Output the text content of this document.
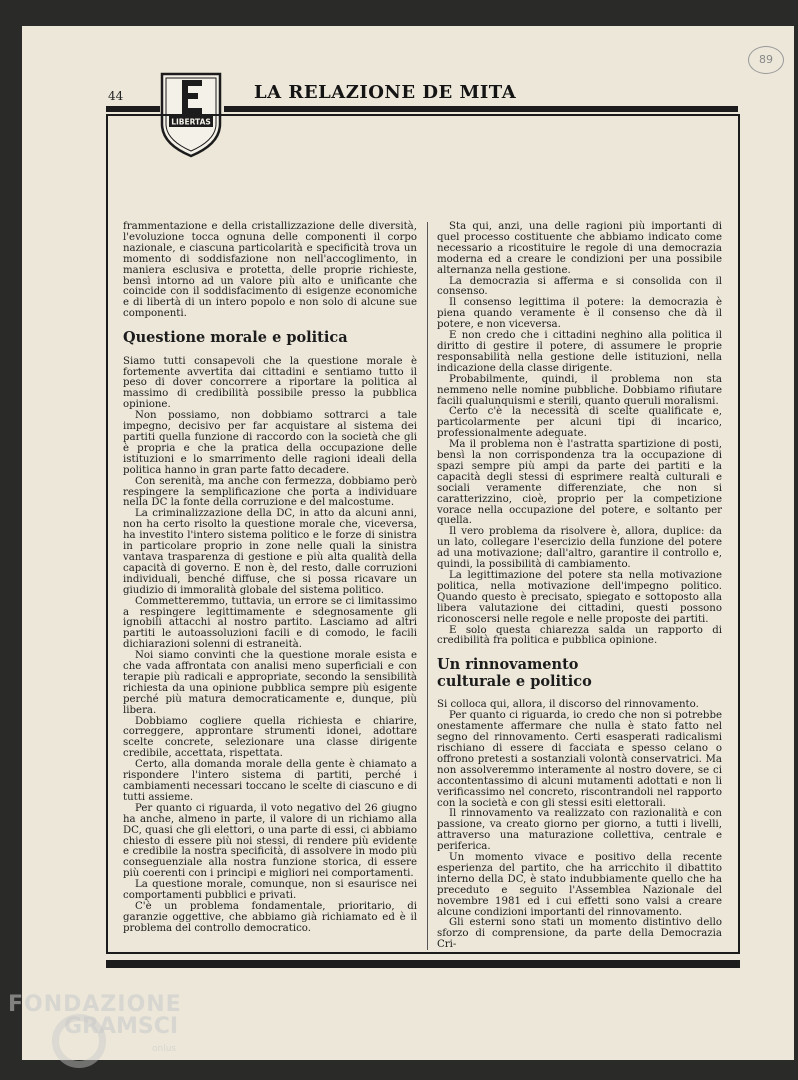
89
44
LIBERTAS
LA RELAZIONE DE MITA

frammentazione e della cristallizzazione delle diversità, l'evoluzione tocca ognuna delle componenti il corpo nazionale, e ciascuna particolarità e specificità trova un momento di soddisfazione non nell'accoglimento, in maniera esclusiva e protetta, delle proprie richieste, bensì intorno ad un valore più alto e unificante che coincide con il soddisfacimento di esigenze economiche e di libertà di un intero popolo e non solo di alcune sue componenti.

Questione morale e politica

Siamo tutti consapevoli che la questione morale è fortemente avvertita dai cittadini e sentiamo tutto il peso di dover concorrere a riportare la politica al massimo di credibilità possibile presso la pubblica opinione.

Non possiamo, non dobbiamo sottrarci a tale impegno, decisivo per far acquistare al sistema dei partiti quella funzione di raccordo con la società che gli è propria e che la pratica della occupazione delle istituzioni e lo smarrimento delle ragioni ideali della politica hanno in gran parte fatto decadere.

Con serenità, ma anche con fermezza, dobbiamo però respingere la semplificazione che porta a individuare nella DC la fonte della corruzione e del malcostume.

La criminalizzazione della DC, in atto da alcuni anni, non ha certo risolto la questione morale che, viceversa, ha investito l'intero sistema politico e le forze di sinistra in particolare proprio in zone nelle quali la sinistra vantava trasparenza di gestione e più alta qualità della capacità di governo. E non è, del resto, dalle corruzioni individuali, benché diffuse, che si possa ricavare un giudizio di immoralità globale del sistema politico.

Commetteremmo, tuttavia, un errore se ci limitassimo a respingere legittimamente e sdegnosamente gli ignobili attacchi al nostro partito. Lasciamo ad altri partiti le autoassoluzioni facili e di comodo, le facili dichiarazioni solenni di estraneità.

Noi siamo convinti che la questione morale esista e che vada affrontata con analisi meno superficiali e con terapie più radicali e appropriate, secondo la sensibilità richiesta da una opinione pubblica sempre più esigente perché più matura democraticamente e, dunque, più libera.

Dobbiamo cogliere quella richiesta e chiarire, correggere, approntare strumenti idonei, adottare scelte concrete, selezionare una classe dirigente credibile, accettata, rispettata.

Certo, alla domanda morale della gente è chiamato a rispondere l'intero sistema di partiti, perché i cambiamenti necessari toccano le scelte di ciascuno e di tutti assieme.

Per quanto ci riguarda, il voto negativo del 26 giugno ha anche, almeno in parte, il valore di un richiamo alla DC, quasi che gli elettori, o una parte di essi, ci abbiamo chiesto di essere più noi stessi, di rendere più evidente e credibile la nostra specificità, di assolvere in modo più conseguenziale alla nostra funzione storica, di essere più coerenti con i principi e migliori nei comportamenti.

La questione morale, comunque, non si esaurisce nei comportamenti pubblici e privati.

C'è un problema fondamentale, prioritario, di garanzie oggettive, che abbiamo già richiamato ed è il problema del controllo democratico.

Sta qui, anzi, una delle ragioni più importanti di quel processo costituente che abbiamo indicato come necessario a ricostituire le regole di una democrazia moderna ed a creare le condizioni per una possibile alternanza nella gestione.

La democrazia si afferma e si consolida con il consenso.

Il consenso legittima il potere: la democrazia è piena quando veramente è il consenso che dà il potere, e non viceversa.

E non credo che i cittadini neghino alla politica il diritto di gestire il potere, di assumere le proprie responsabilità nella gestione delle istituzioni, nella indicazione della classe dirigente.

Probabilmente, quindi, il problema non sta nemmeno nelle nomine pubbliche. Dobbiamo rifiutare facili qualunquismi e sterili, quanto queruli moralismi.

Certo c'è la necessità di scelte qualificate e, particolarmente per alcuni tipi di incarico, professionalmente adeguate.

Ma il problema non è l'astratta spartizione di posti, bensì la non corrispondenza tra la occupazione di spazi sempre più ampi da parte dei partiti e la capacità degli stessi di esprimere realtà culturali e sociali veramente differenziate, che non si caratterizzino, cioè, proprio per la competizione vorace nella occupazione del potere, e soltanto per quella.

Il vero problema da risolvere è, allora, duplice: da un lato, collegare l'esercizio della funzione del potere ad una motivazione; dall'altro, garantire il controllo e, quindi, la possibilità di cambiamento.

La legittimazione del potere sta nella motivazione politica, nella motivazione dell'impegno politico. Quando questo è precisato, spiegato e sottoposto alla libera valutazione dei cittadini, questi possono riconoscersi nelle regole e nelle proposte dei partiti.

E solo questa chiarezza salda un rapporto di credibilità fra politica e pubblica opinione.

Un rinnovamento
culturale e politico

Si colloca qui, allora, il discorso del rinnovamento.

Per quanto ci riguarda, io credo che non si potrebbe onestamente affermare che nulla è stato fatto nel segno del rinnovamento. Certi esasperati radicalismi rischiano di essere di facciata e spesso celano o offrono pretesti a sostanziali volontà conservatrici. Ma non assolveremmo interamente al nostro dovere, se ci accontentassimo di alcuni mutamenti adottati e non li verificassimo nel concreto, riscontrandoli nel rapporto con la società e con gli stessi esiti elettorali.

Il rinnovamento va realizzato con razionalità e con passione, va creato giorno per giorno, a tutti i livelli, attraverso una maturazione collettiva, centrale e periferica.

Un momento vivace e positivo della recente esperienza del partito, che ha arricchito il dibattito interno della DC, è stato indubbiamente quello che ha preceduto e seguito l'Assemblea Nazionale del novembre 1981 ed i cui effetti sono valsi a creare alcune condizioni importanti del rinnovamento.

Gli esterni sono stati un momento distintivo dello sforzo di comprensione, da parte della Democrazia Cri-

FONDAZIONE
GRAMSCI
onlus
